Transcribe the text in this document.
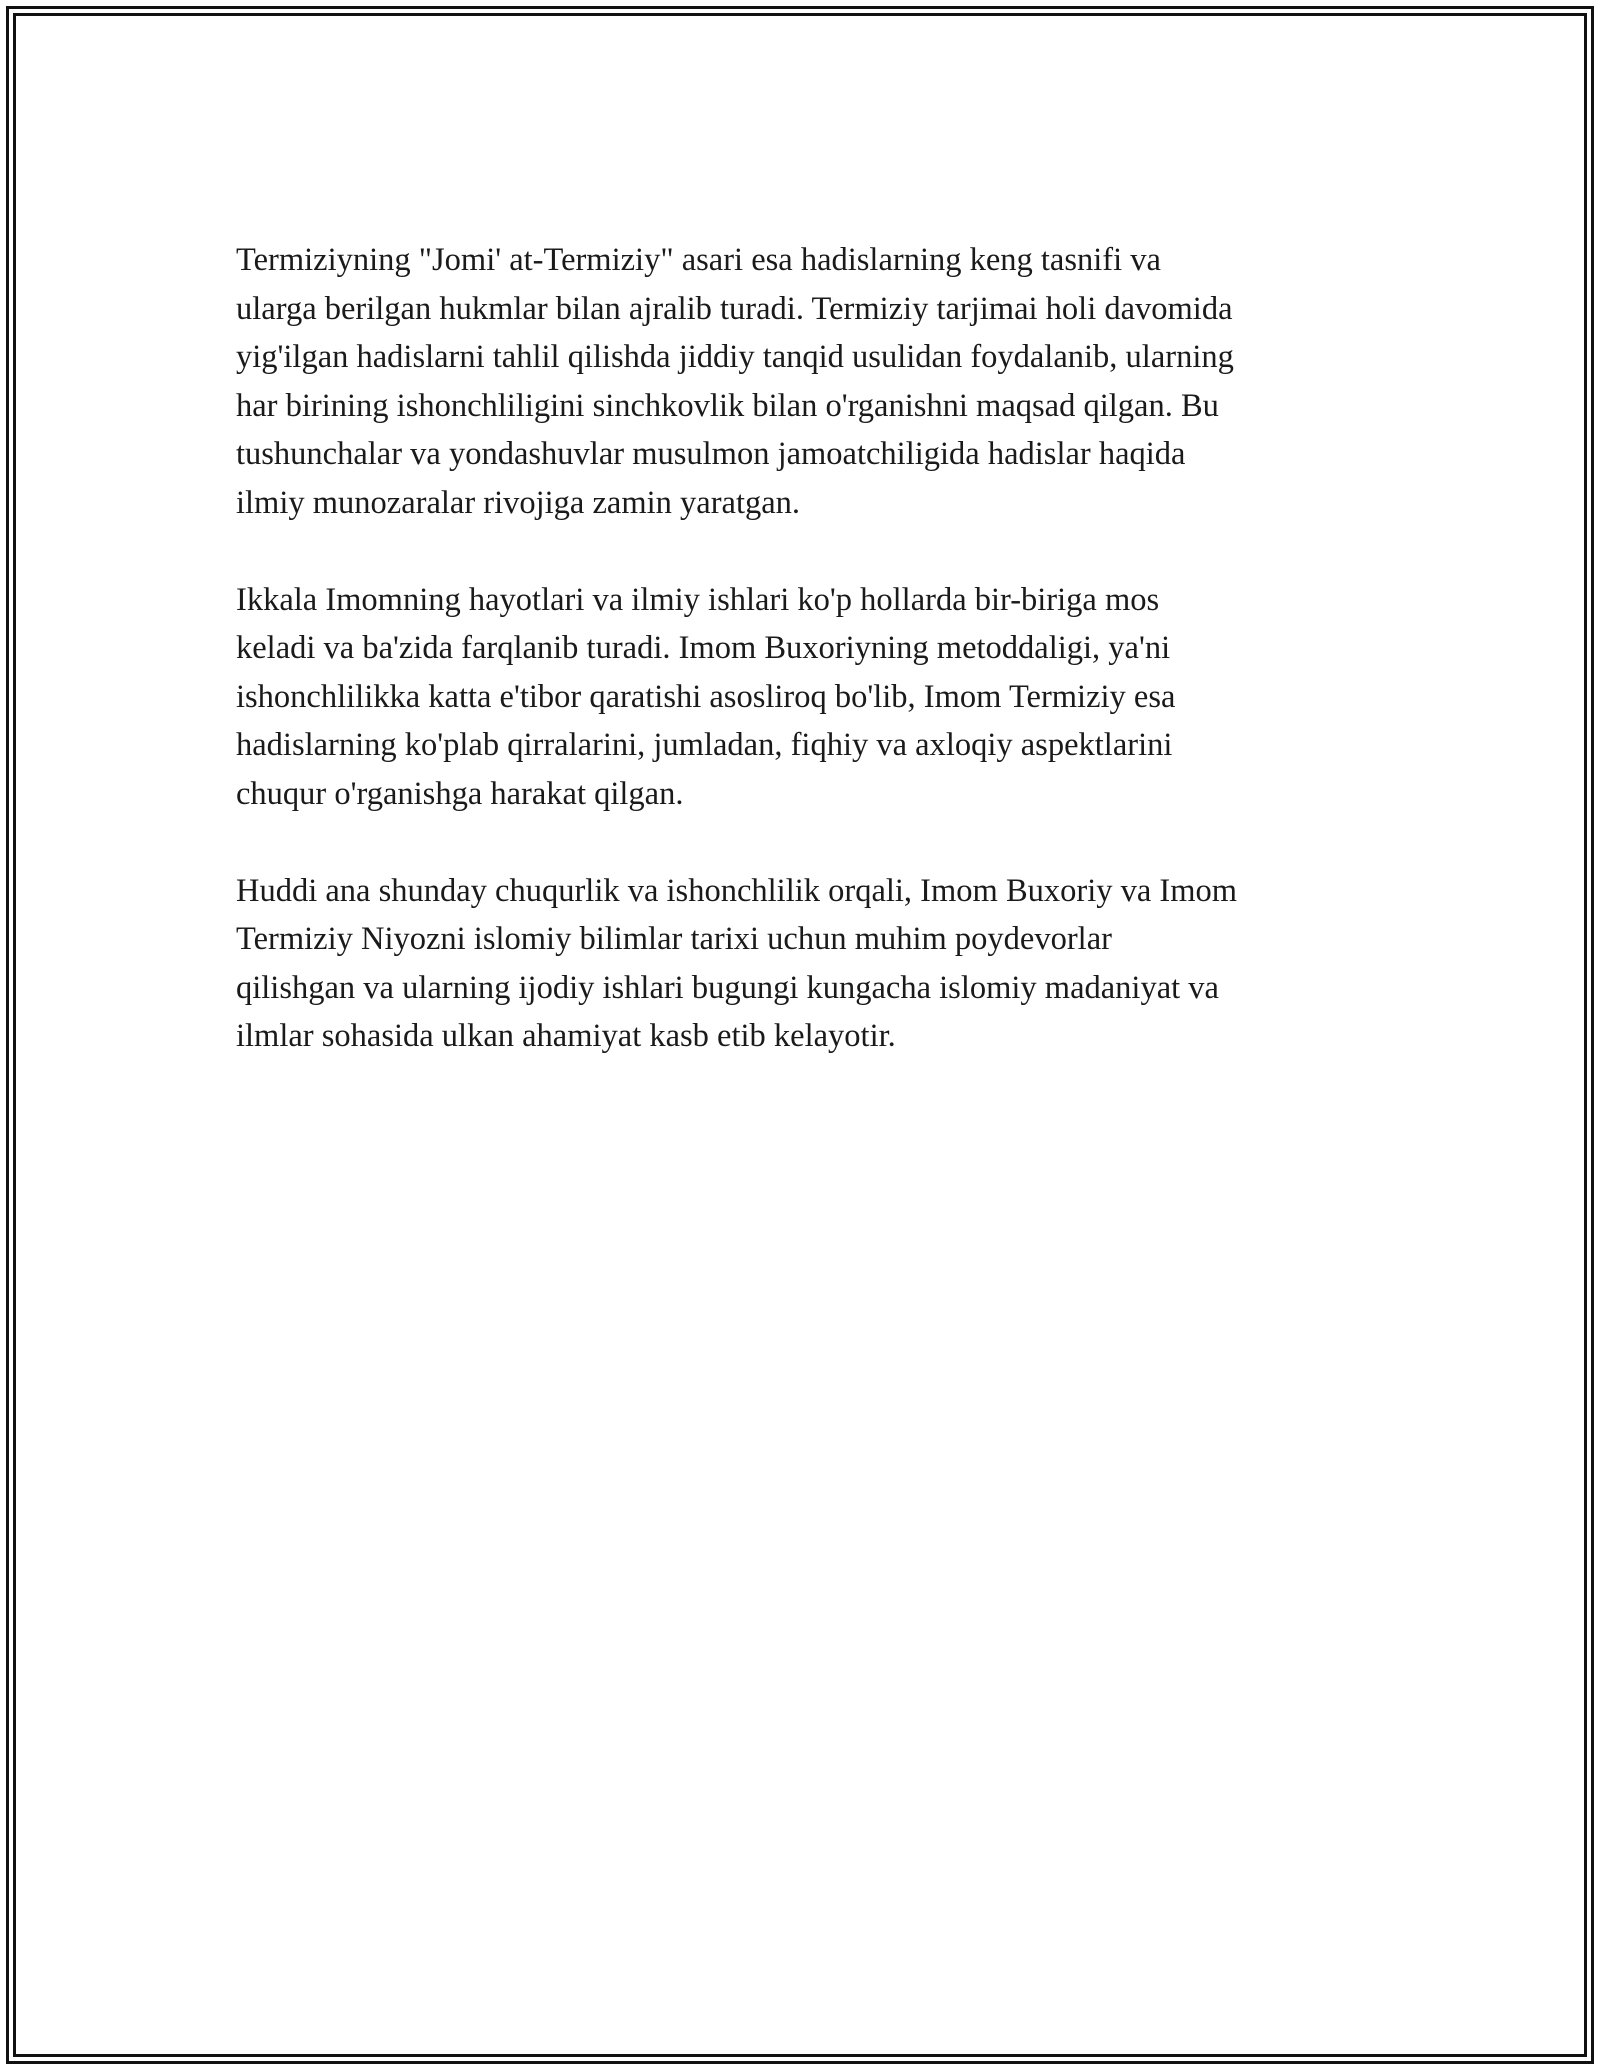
Termiziyning "Jomi' at-Termiziy" asari esa hadislarning keng tasnifi va
ularga berilgan hukmlar bilan ajralib turadi. Termiziy tarjimai holi davomida
yig'ilgan hadislarni tahlil qilishda jiddiy tanqid usulidan foydalanib, ularning
har birining ishonchliligini sinchkovlik bilan o'rganishni maqsad qilgan. Bu
tushunchalar va yondashuvlar musulmon jamoatchiligida hadislar haqida
ilmiy munozaralar rivojiga zamin yaratgan.

Ikkala Imomning hayotlari va ilmiy ishlari ko'p hollarda bir-biriga mos
keladi va ba'zida farqlanib turadi. Imom Buxoriyning metoddaligi, ya'ni
ishonchlilikka katta e'tibor qaratishi asosliroq bo'lib, Imom Termiziy esa
hadislarning ko'plab qirralarini, jumladan, fiqhiy va axloqiy aspektlarini
chuqur o'rganishga harakat qilgan.

Huddi ana shunday chuqurlik va ishonchlilik orqali, Imom Buxoriy va Imom
Termiziy Niyozni islomiy bilimlar tarixi uchun muhim poydevorlar
qilishgan va ularning ijodiy ishlari bugungi kungacha islomiy madaniyat va
ilmlar sohasida ulkan ahamiyat kasb etib kelayotir.
